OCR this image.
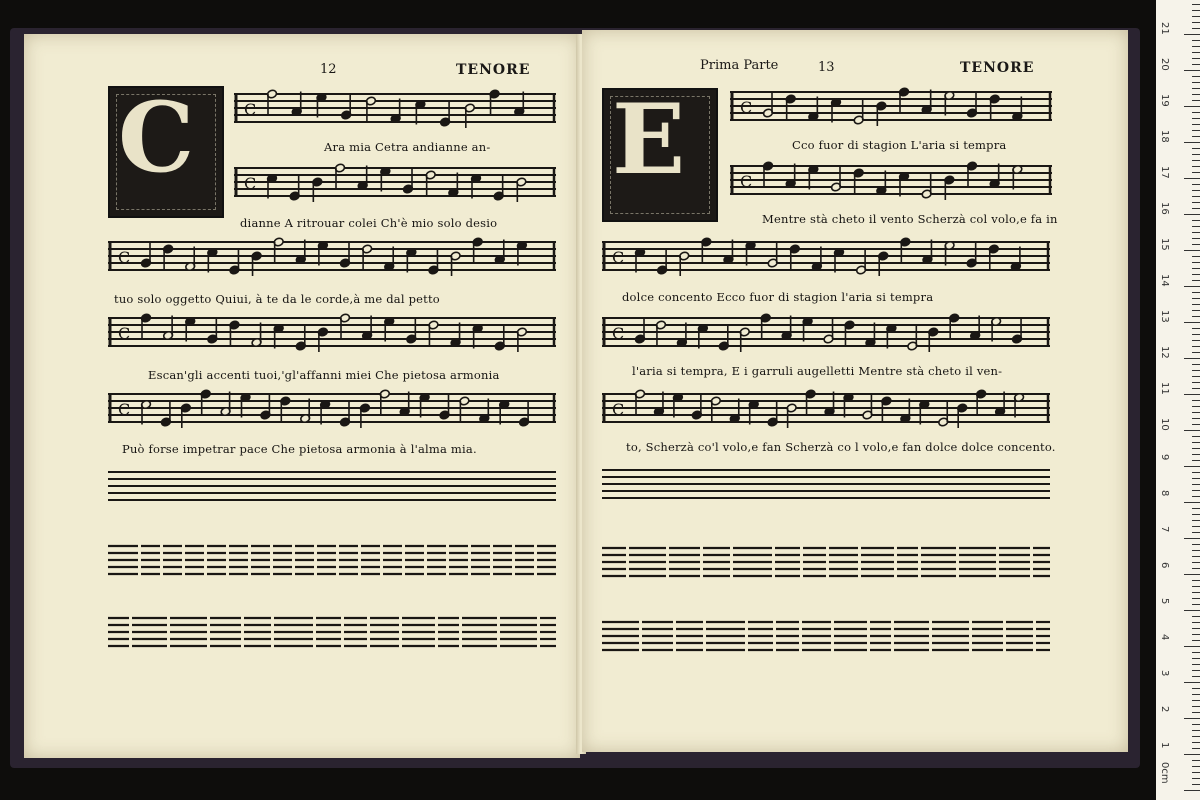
12	TENORE
C	C
Ara mia Cetra andianne an-
C
dianne A ritrouar colei Ch'è mio solo desio
C
tuo solo oggetto Quiui, à te da le corde,à me dal petto
C
Escan'gli accenti tuoi,'gl'affanni miei Che pietosa armonia
C
Può forse impetrar pace Che pietosa armonia à l'alma mia.
Prima Parte	13	TENORE
E	C
Cco fuor di stagion L'aria si tempra
C
Mentre stà cheto il vento Scherzà col volo,e fa in
C
dolce concento Ecco fuor di stagion l'aria si tempra
C
l'aria si tempra, E i garruli augelletti Mentre stà cheto il ven-
C
to, Scherzà co'l volo,e fan Scherzà co l volo,e fan dolce dolce concento.
0cm
1
2
3
4
5
6
7
8
9
10
11
12
13
14
15
16
17
18
19
20
21
